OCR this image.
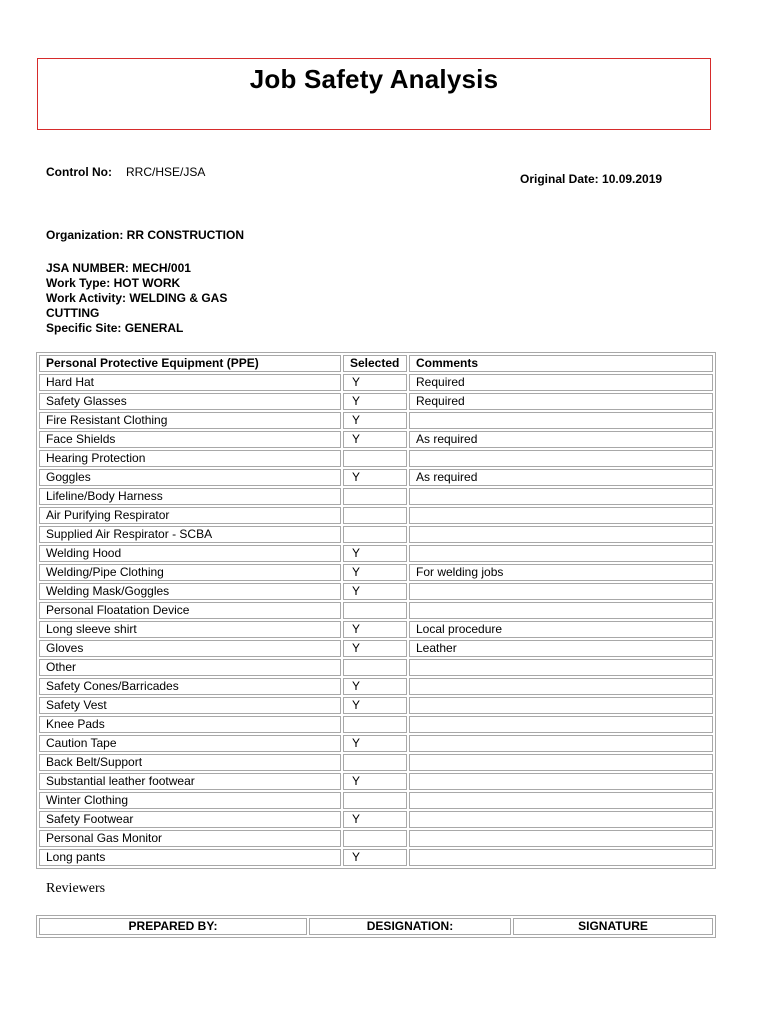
Job Safety Analysis
Control No:	RRC/HSE/JSA	Original Date: 10.09.2019
Organization: RR CONSTRUCTION
JSA NUMBER: MECH/001
Work Type: HOT WORK
Work Activity: WELDING & GAS CUTTING
Specific Site: GENERAL
Personal Protective Equipment (PPE)	Selected	Comments
Hard Hat	Y	Required
Safety Glasses	Y	Required
Fire Resistant Clothing	Y	
Face Shields	Y	As required
Hearing Protection		
Goggles	Y	As required
Lifeline/Body Harness		
Air Purifying Respirator		
Supplied Air Respirator - SCBA		
Welding Hood	Y	
Welding/Pipe Clothing	Y	For welding jobs
Welding Mask/Goggles	Y	
Personal Floatation Device		
Long sleeve shirt	Y	Local procedure
Gloves	Y	Leather
Other		
Safety Cones/Barricades	Y	
Safety Vest	Y	
Knee Pads		
Caution Tape	Y	
Back Belt/Support		
Substantial leather footwear	Y	
Winter Clothing		
Safety Footwear	Y	
Personal Gas Monitor		
Long pants	Y	
Reviewers
PREPARED BY:	DESIGNATION:	SIGNATURE
